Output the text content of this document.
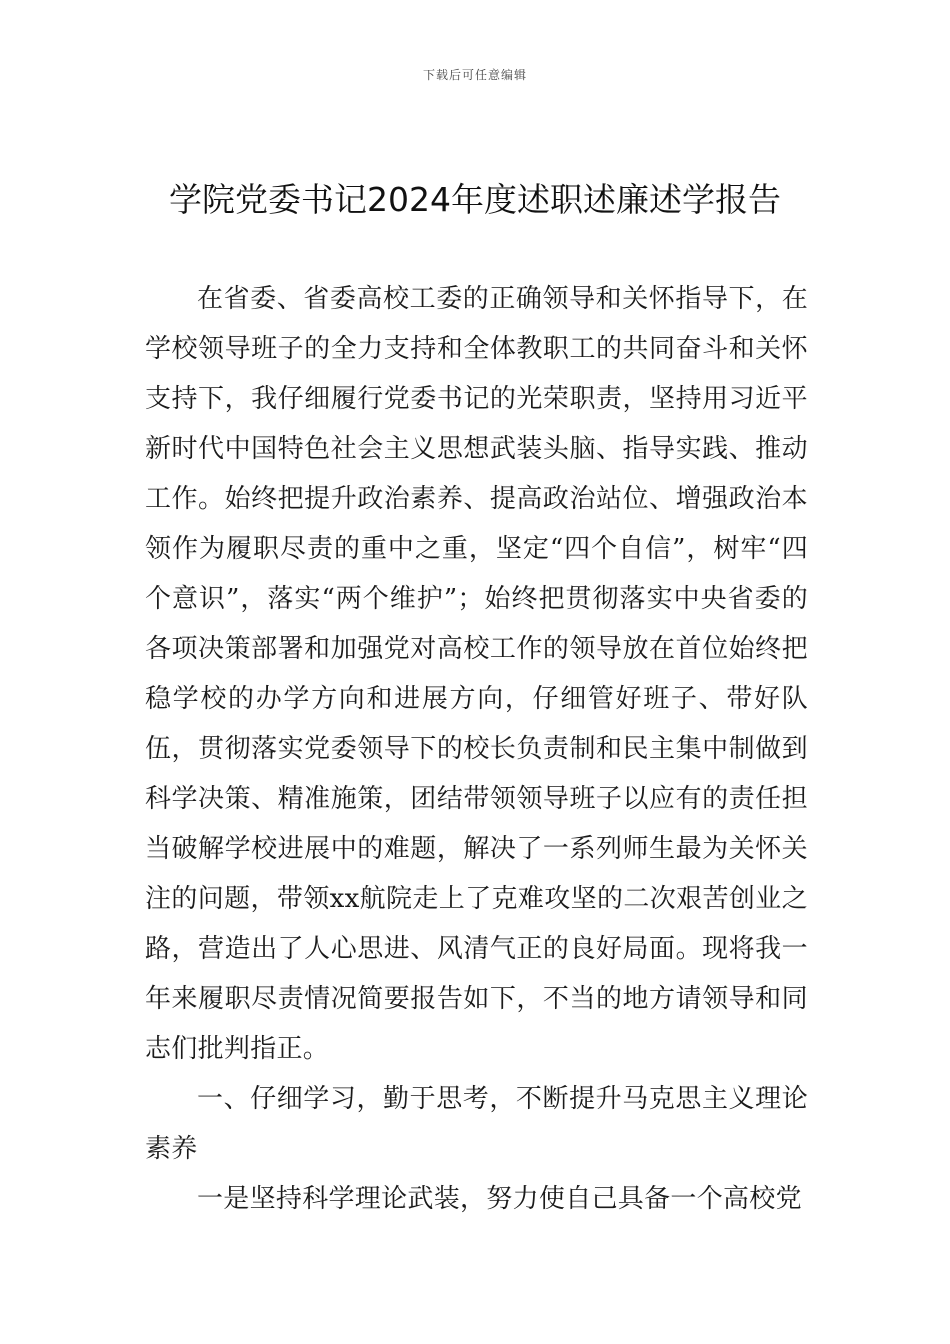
下载后可任意编辑
学院党委书记2024年度述职述廉述学报告

在省委、省委高校工委的正确领导和关怀指导下，在学校领导班子的全力支持和全体教职工的共同奋斗和关怀支持下，我仔细履行党委书记的光荣职责，坚持用习近平新时代中国特色社会主义思想武装头脑、指导实践、推动工作。始终把提升政治素养、提高政治站位、增强政治本领作为履职尽责的重中之重，坚定“四个自信”，树牢“四个意识”，落实“两个维护”；始终把贯彻落实中央省委的各项决策部署和加强党对高校工作的领导放在首位始终把稳学校的办学方向和进展方向，仔细管好班子、带好队伍，贯彻落实党委领导下的校长负责制和民主集中制做到科学决策、精准施策，团结带领领导班子以应有的责任担当破解学校进展中的难题，解决了一系列师生最为关怀关注的问题，带领xx航院走上了克难攻坚的二次艰苦创业之路，营造出了人心思进、风清气正的良好局面。现将我一年来履职尽责情况简要报告如下，不当的地方请领导和同志们批判指正。

一、仔细学习，勤于思考，不断提升马克思主义理论素养

一是坚持科学理论武装，努力使自己具备一个高校党
